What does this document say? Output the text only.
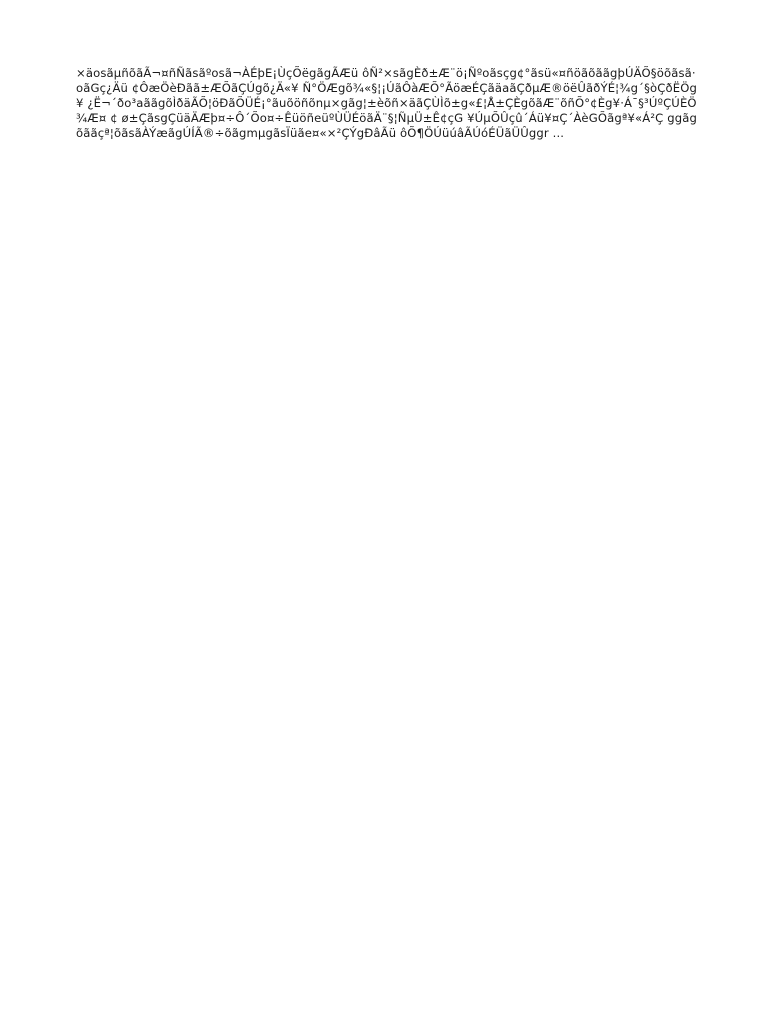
×äosãµñõãÃ¬¤ñÑãsãºosã¬ÀÉþE¡ÙçÕëgãgÃÆü ôÑ²×sãgÈð±Æ¨ö¡Ñºoãsçg¢°ãsü«¤ñöãõããgþÚÄÕ§öõãsã·oãGç¿Äü ¢ÔæÖèÐãã±ÆÕãÇÚgõ¿Ä«¥ Ñ°ÖÆgõ¾«§¦¡ÚãÔàÆÕ°ÃöæÉÇãäaãÇðµÆ®öëÛãðÝÉ¦¾g´§òÇðËÖg¥ ¿Ë¬´ðo³aããgõÌðäÃÕ¦öÐãÕÜÉ¡°ãuõöñõnµ×gãg¦±èõñ×äãÇÙÌõ±g«£¦Å±ÇÈgõãÆ¨õñÕ°¢Èg¥·Á¯§³ÚºÇÚÈÖ¾Æ¤ ¢ ø±ÇãsgÇüäÄÆþ¤÷Ô´Õo¤÷ÊüöñeüºÙÜÉöãÄ¨§¦ÑµÜ±Ê¢çG ¥ÚµÕÛçû´Áü¥¤Ç´ÀèGÕãgª¥«Á²Ç ggãgõããçª¦õãsãÀÝæãgÚÍÃ®÷õãgmµgãsÏüãe¤«×²ÇÝgÐâÃü ôÕ¶ÖÚüúâÃÚóÉÜãÜÛggr ...
